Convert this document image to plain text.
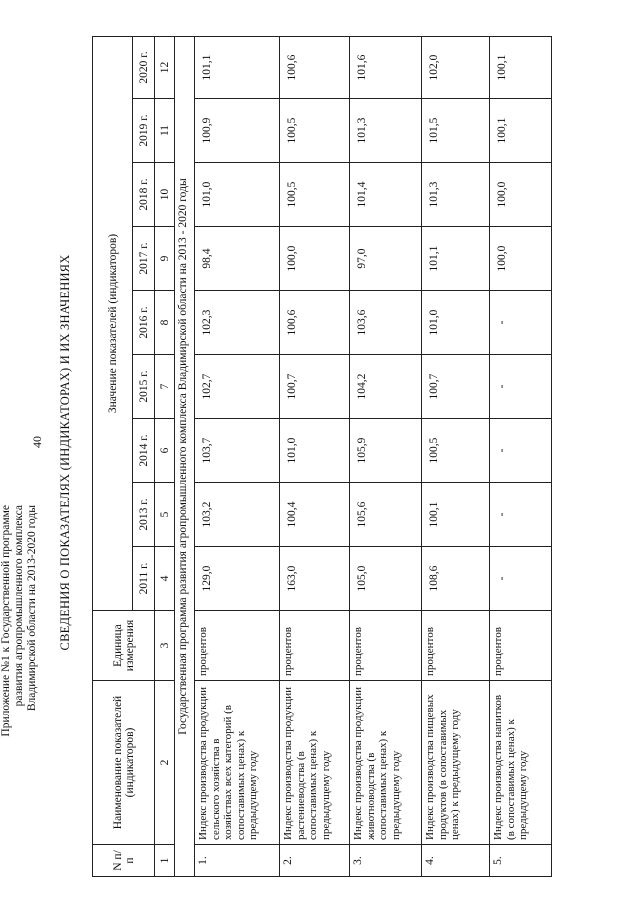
40
Приложение №1 к Государственной программе развития агропромышленного комплекса Владимирской области на 2013-2020 годы СВЕДЕНИЯ О ПОКАЗАТЕЛЯХ (ИНДИКАТОРАХ) И ИХ ЗНАЧЕНИЯХ
N п/п	Наименование показателей (индикаторов)	Единица измерения	Значение показателей (индикаторов)								
			2011 г.	2013 г.	2014 г.	2015 г.	2016 г.	2017 г.	2018 г.	2019 г.	2020 г.
1	2	3	4	5	6	7	8	9	10	11	12
Государственная программа развития агропромышленного комплекса Владимирской области на 2013 - 2020 годы											
1.	Индекс производства продукции сельского хозяйства в хозяйствах всех категорий (в сопоставимых ценах) к предыдущему году	процентов	129,0	103,2	103,7	102,7	102,3	98,4	101,0	100,9	101,1
2.	Индекс производства продукции растениеводства (в сопоставимых ценах) к предыдущему году	процентов	163,0	100,4	101,0	100,7	100,6	100,0	100,5	100,5	100,6
3.	Индекс производства продукции животноводства (в сопоставимых ценах) к предыдущему году	процентов	105,0	105,6	105,9	104,2	103,6	97,0	101,4	101,3	101,6
4.	Индекс производства пищевых продуктов (в сопоставимых ценах) к предыдущему году	процентов	108,6	100,1	100,5	100,7	101,0	101,1	101,3	101,5	102,0
5.	Индекс производства напитков (в сопоставимых ценах) к предыдущему году	процентов	-	-	-	-	-	100,0	100,0	100,1	100,1
